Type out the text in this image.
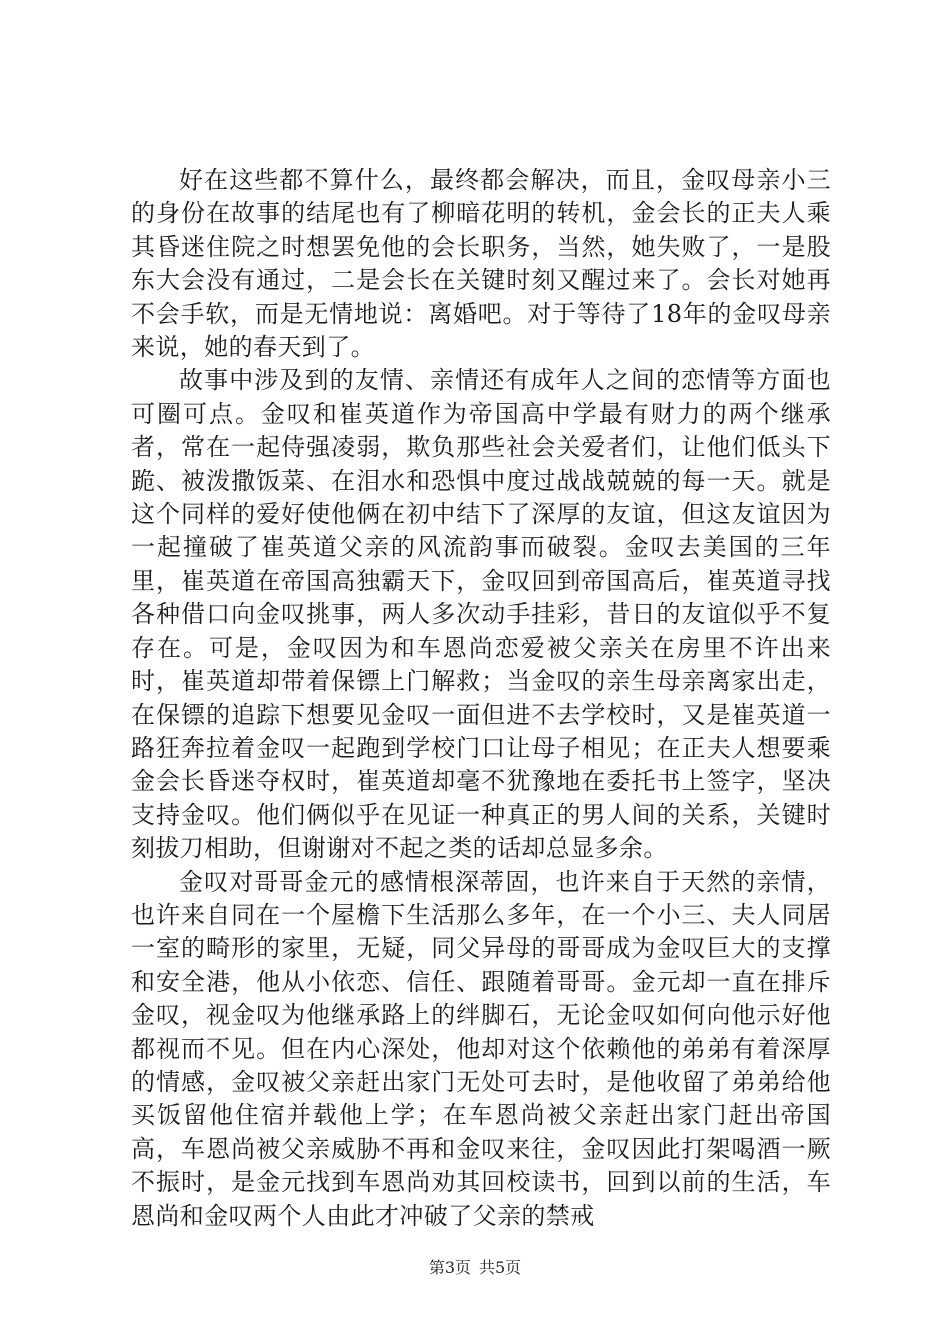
好在这些都不算什么，最终都会解决，而且，金叹母亲小三的身份在故事的结尾也有了柳暗花明的转机，金会长的正夫人乘其昏迷住院之时想罢免他的会长职务，当然，她失败了，一是股东大会没有通过，二是会长在关键时刻又醒过来了。会长对她再不会手软，而是无情地说：离婚吧。对于等待了18年的金叹母亲来说，她的春天到了。

故事中涉及到的友情、亲情还有成年人之间的恋情等方面也可圈可点。金叹和崔英道作为帝国高中学最有财力的两个继承者，常在一起侍强凌弱，欺负那些社会关爱者们，让他们低头下跪、被泼撒饭菜、在泪水和恐惧中度过战战兢兢的每一天。就是这个同样的爱好使他俩在初中结下了深厚的友谊，但这友谊因为一起撞破了崔英道父亲的风流韵事而破裂。金叹去美国的三年里，崔英道在帝国高独霸天下，金叹回到帝国高后，崔英道寻找各种借口向金叹挑事，两人多次动手挂彩，昔日的友谊似乎不复存在。可是，金叹因为和车恩尚恋爱被父亲关在房里不许出来时，崔英道却带着保镖上门解救；当金叹的亲生母亲离家出走，在保镖的追踪下想要见金叹一面但进不去学校时，又是崔英道一路狂奔拉着金叹一起跑到学校门口让母子相见；在正夫人想要乘金会长昏迷夺权时，崔英道却毫不犹豫地在委托书上签字，坚决支持金叹。他们俩似乎在见证一种真正的男人间的关系，关键时刻拔刀相助，但谢谢对不起之类的话却总显多余。

金叹对哥哥金元的感情根深蒂固，也许来自于天然的亲情，也许来自同在一个屋檐下生活那么多年，在一个小三、夫人同居一室的畸形的家里，无疑，同父异母的哥哥成为金叹巨大的支撑和安全港，他从小依恋、信任、跟随着哥哥。金元却一直在排斥金叹，视金叹为他继承路上的绊脚石，无论金叹如何向他示好他都视而不见。但在内心深处，他却对这个依赖他的弟弟有着深厚的情感，金叹被父亲赶出家门无处可去时，是他收留了弟弟给他买饭留他住宿并载他上学；在车恩尚被父亲赶出家门赶出帝国高，车恩尚被父亲威胁不再和金叹来往，金叹因此打架喝酒一厥不振时，是金元找到车恩尚劝其回校读书，回到以前的生活，车恩尚和金叹两个人由此才冲破了父亲的禁戒

第3页 共5页
